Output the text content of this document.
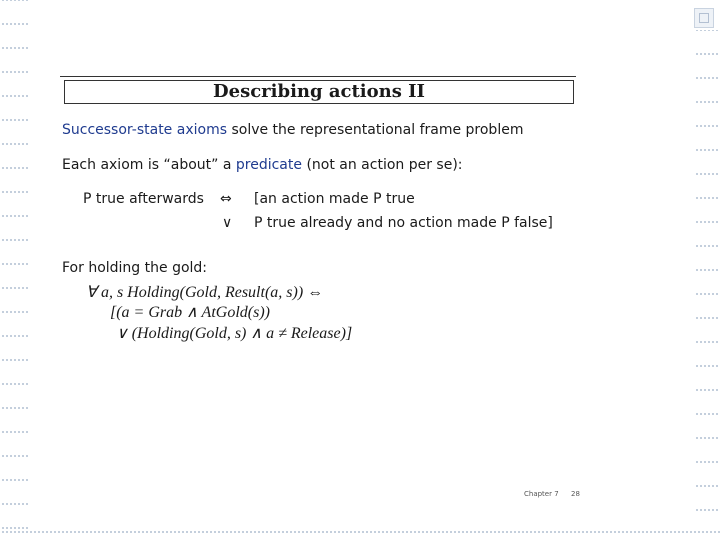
Describing actions II
Successor-state axioms solve the representational frame problem
Each axiom is “about” a predicate (not an action per se):
P true afterwards ⇔ [an action made P true
∨ P true already and no action made P false]
For holding the gold:
∀ a, s Holding(Gold, Result(a, s)) ⇔
[(a = Grab ∧ AtGold(s))
∨ (Holding(Gold, s) ∧ a ≠ Release)]
Chapter 7 28
